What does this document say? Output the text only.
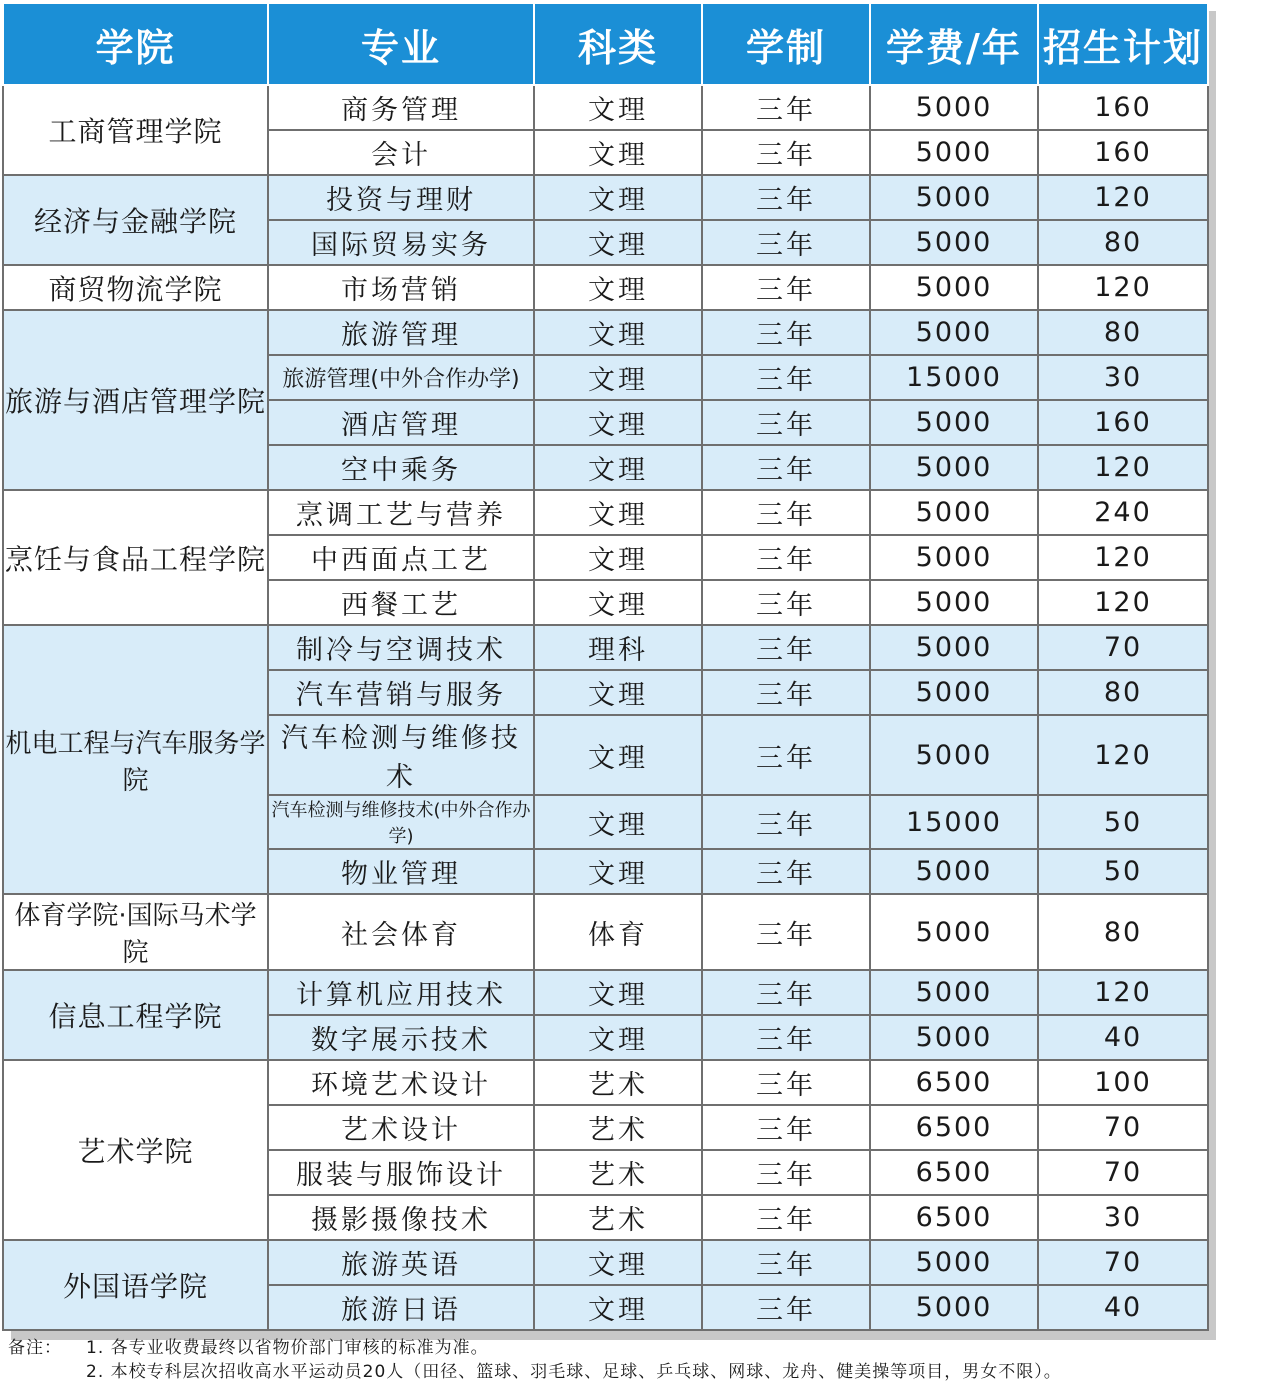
学院	专业	科类	学制	学费/年	招生计划
工商管理学院	商务管理	文理	三年	5000	160
	会计	文理	三年	5000	160
经济与金融学院	投资与理财	文理	三年	5000	120
	国际贸易实务	文理	三年	5000	80
商贸物流学院	市场营销	文理	三年	5000	120
旅游与酒店管理学院	旅游管理	文理	三年	5000	80
	旅游管理(中外合作办学)	文理	三年	15000	30
	酒店管理	文理	三年	5000	160
	空中乘务	文理	三年	5000	120
烹饪与食品工程学院	烹调工艺与营养	文理	三年	5000	240
	中西面点工艺	文理	三年	5000	120
	西餐工艺	文理	三年	5000	120
机电工程与汽车服务学院	制冷与空调技术	理科	三年	5000	70
	汽车营销与服务	文理	三年	5000	80
	汽车检测与维修技术	文理	三年	5000	120
	汽车检测与维修技术(中外合作办学)	文理	三年	15000	50
	物业管理	文理	三年	5000	50
体育学院·国际马术学院	社会体育	体育	三年	5000	80
信息工程学院	计算机应用技术	文理	三年	5000	120
	数字展示技术	文理	三年	5000	40
艺术学院	环境艺术设计	艺术	三年	6500	100
	艺术设计	艺术	三年	6500	70
	服装与服饰设计	艺术	三年	6500	70
	摄影摄像技术	艺术	三年	6500	30
外国语学院	旅游英语	文理	三年	5000	70
	旅游日语	文理	三年	5000	40
备注： 1. 各专业收费最终以省物价部门审核的标准为准。
2. 本校专科层次招收高水平运动员20人（田径、篮球、羽毛球、足球、乒乓球、网球、龙舟、健美操等项目，男女不限）。
